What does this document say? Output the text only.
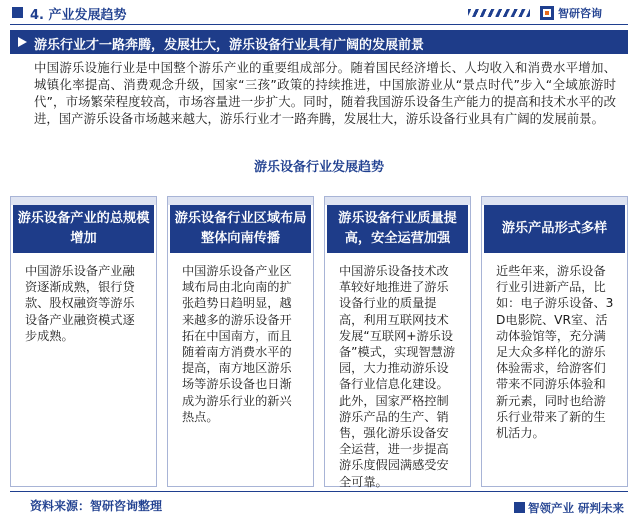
4. 产业发展趋势	智研咨询
游乐行业才一路奔腾，发展壮大，游乐设备行业具有广阔的发展前景
中国游乐设施行业是中国整个游乐产业的重要组成部分。随着国民经济增长、人均收入和消费水平增加、城镇化率提高、消费观念升级，国家“三孩”政策的持续推进，中国旅游业从“景点时代”步入“全域旅游时代”，市场繁荣程度较高，市场容量进一步扩大。同时，随着我国游乐设备生产能力的提高和技术水平的改进，国产游乐设备市场越来越大，游乐行业才一路奔腾，发展壮大，游乐设备行业具有广阔的发展前景。
游乐设备行业发展趋势
游乐设备产业的总规模增加
中国游乐设备产业融资逐渐成熟，银行贷款、股权融资等游乐设备产业融资模式逐步成熟。
游乐设备行业区域布局整体向南传播
中国游乐设备产业区域布局由北向南的扩张趋势日趋明显，越来越多的游乐设备开拓在中国南方，而且随着南方消费水平的提高，南方地区游乐场等游乐设备也日渐成为游乐行业的新兴热点。
游乐设备行业质量提高，安全运营加强
中国游乐设备技术改革较好地推进了游乐设备行业的质量提高，利用互联网技术发展“互联网+游乐设备”模式，实现智慧游园，大力推动游乐设备行业信息化建设。此外，国家严格控制游乐产品的生产、销售，强化游乐设备安全运营，进一步提高游乐度假园满感受安全可靠。
游乐产品形式多样
近些年来，游乐设备行业引进新产品，比如：电子游乐设备、3D电影院、VR室、活动体验馆等，充分满足大众多样化的游乐体验需求，给游客们带来不同游乐体验和新元素，同时也给游乐行业带来了新的生机活力。
资料来源：智研咨询整理	智领产业 研判未来
